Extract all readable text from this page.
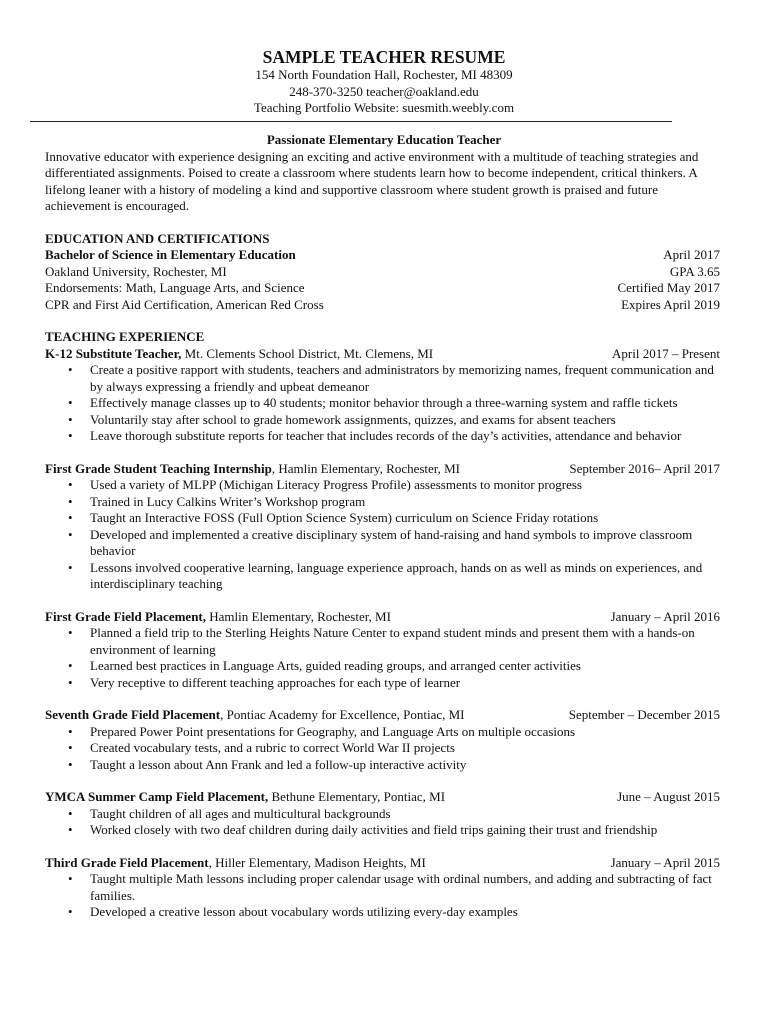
SAMPLE TEACHER RESUME
154 North Foundation Hall, Rochester, MI 48309
248-370-3250 teacher@oakland.edu
Teaching Portfolio Website: suesmith.weebly.com
Passionate Elementary Education Teacher

Innovative educator with experience designing an exciting and active environment with a multitude of teaching strategies and differentiated assignments. Poised to create a classroom where students learn how to become independent, critical thinkers. A lifelong leaner with a history of modeling a kind and supportive classroom where student growth is praised and future achievement is encouraged.

EDUCATION AND CERTIFICATIONS
Bachelor of Science in Elementary Education	April 2017
Oakland University, Rochester, MI	GPA 3.65
Endorsements: Math, Language Arts, and Science	Certified May 2017
CPR and First Aid Certification, American Red Cross	Expires April 2019
TEACHING EXPERIENCE
K-12 Substitute Teacher, Mt. Clements School District, Mt. Clemens, MI	April 2017 – Present
• Create a positive rapport with students, teachers and administrators by memorizing names, frequent communication and by always expressing a friendly and upbeat demeanor
• Effectively manage classes up to 40 students; monitor behavior through a three-warning system and raffle tickets
• Voluntarily stay after school to grade homework assignments, quizzes, and exams for absent teachers
• Leave thorough substitute reports for teacher that includes records of the day’s activities, attendance and behavior
First Grade Student Teaching Internship, Hamlin Elementary, Rochester, MI	September 2016– April 2017
• Used a variety of MLPP (Michigan Literacy Progress Profile) assessments to monitor progress
• Trained in Lucy Calkins Writer’s Workshop program
• Taught an Interactive FOSS (Full Option Science System) curriculum on Science Friday rotations
• Developed and implemented a creative disciplinary system of hand-raising and hand symbols to improve classroom behavior
• Lessons involved cooperative learning, language experience approach, hands on as well as minds on experiences, and interdisciplinary teaching
First Grade Field Placement, Hamlin Elementary, Rochester, MI	January – April 2016
• Planned a field trip to the Sterling Heights Nature Center to expand student minds and present them with a hands-on environment of learning
• Learned best practices in Language Arts, guided reading groups, and arranged center activities
• Very receptive to different teaching approaches for each type of learner
Seventh Grade Field Placement, Pontiac Academy for Excellence, Pontiac, MI	September – December 2015
• Prepared Power Point presentations for Geography, and Language Arts on multiple occasions
• Created vocabulary tests, and a rubric to correct World War II projects
• Taught a lesson about Ann Frank and led a follow-up interactive activity
YMCA Summer Camp Field Placement, Bethune Elementary, Pontiac, MI	June – August 2015
• Taught children of all ages and multicultural backgrounds
• Worked closely with two deaf children during daily activities and field trips gaining their trust and friendship
Third Grade Field Placement, Hiller Elementary, Madison Heights, MI	January – April 2015
• Taught multiple Math lessons including proper calendar usage with ordinal numbers, and adding and subtracting of fact families.
• Developed a creative lesson about vocabulary words utilizing every-day examples
